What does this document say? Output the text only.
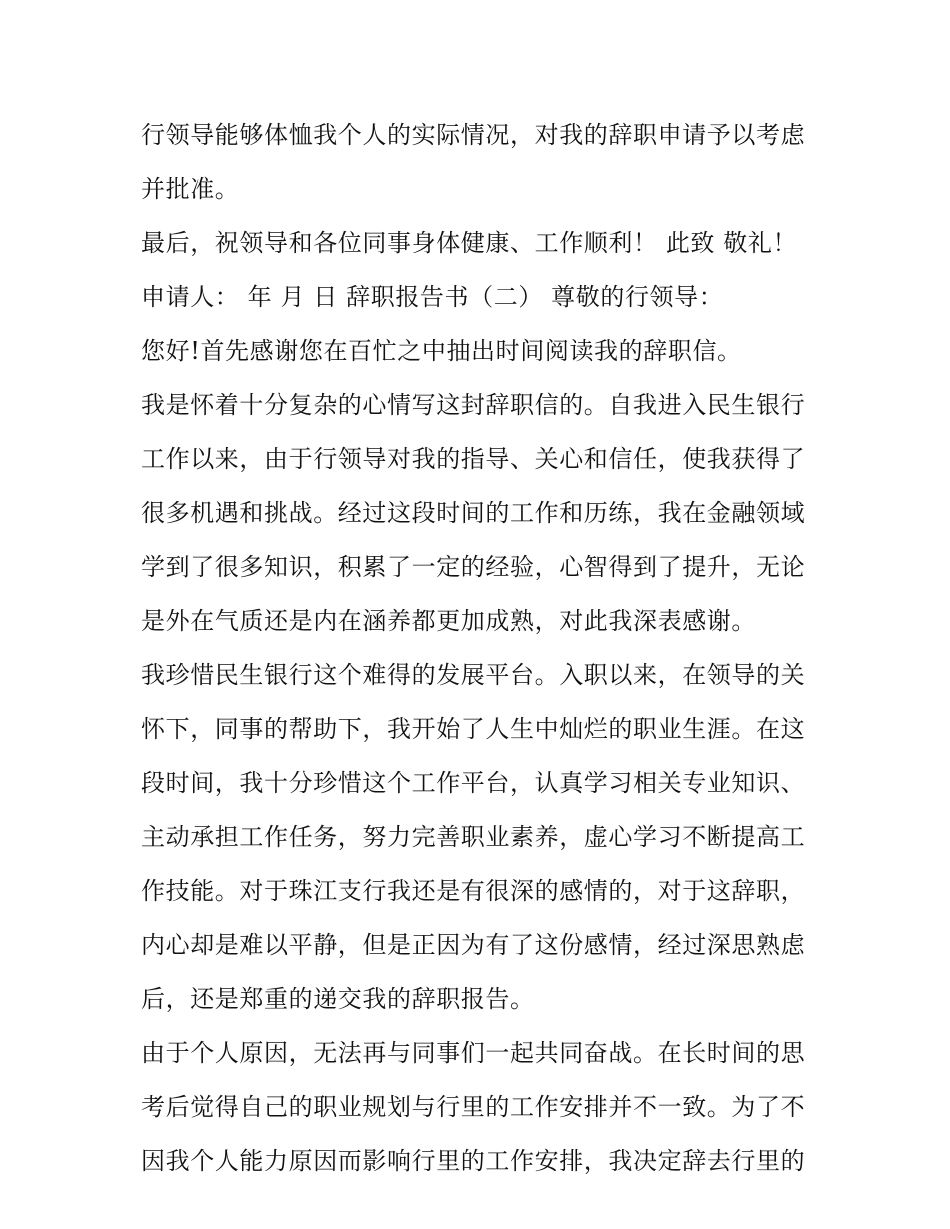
行领导能够体恤我个人的实际情况，对我的辞职申请予以考虑
并批准。
最后，祝领导和各位同事身体健康、工作顺利！ 此致 敬礼！
申请人： 年 月 日 辞职报告书（二） 尊敬的行领导：
您好!首先感谢您在百忙之中抽出时间阅读我的辞职信。
我是怀着十分复杂的心情写这封辞职信的。自我进入民生银行
工作以来，由于行领导对我的指导、关心和信任，使我获得了
很多机遇和挑战。经过这段时间的工作和历练，我在金融领域
学到了很多知识，积累了一定的经验，心智得到了提升，无论
是外在气质还是内在涵养都更加成熟，对此我深表感谢。
我珍惜民生银行这个难得的发展平台。入职以来，在领导的关
怀下，同事的帮助下，我开始了人生中灿烂的职业生涯。在这
段时间，我十分珍惜这个工作平台，认真学习相关专业知识、
主动承担工作任务，努力完善职业素养，虚心学习不断提高工
作技能。对于珠江支行我还是有很深的感情的，对于这辞职，
内心却是难以平静，但是正因为有了这份感情，经过深思熟虑
后，还是郑重的递交我的辞职报告。
由于个人原因，无法再与同事们一起共同奋战。在长时间的思
考后觉得自己的职业规划与行里的工作安排并不一致。为了不
因我个人能力原因而影响行里的工作安排，我决定辞去行里的
